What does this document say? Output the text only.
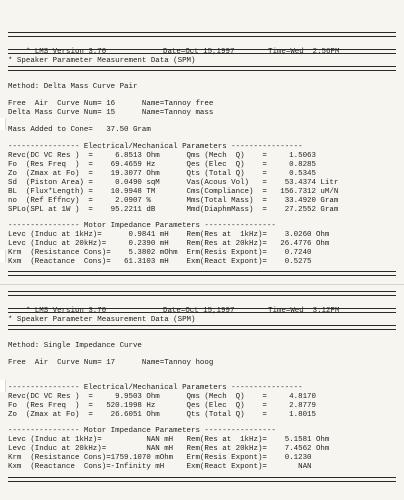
* LMS Version 3.70	Date=Oct 15,1997	Time=Wed  2:56PM

* Speaker Parameter Measurement Data (SPM)
Method: Delta Mass Curve Pair
Free  Air  Curve Num= 16      Name=Tannoy free
Delta Mass Curve Num= 15      Name=Tannoy mass
Mass Added to Cone=   37.50 Gram
---------------- Electrical/Mechanical Parameters ----------------
Revc(DC VC Res )  =     6.8513 Ohm      Qms (Mech  Q)    =     1.5063
Fo  (Res Freq  )  =    69.4659 Hz       Qes (Elec  Q)    =     0.8285
Zo  (Zmax at Fo)  =    19.3077 Ohm      Qts (Total Q)    =     0.5345
Sd  (Piston Area) =     0.0490 sqM      Vas(Acous Vol)   =    53.4374 Litr
BL  (Flux*Length) =    10.9948 TM       Cms(Compliance)  =   156.7312 uM/N
no  (Ref Effncy)  =     2.0907 %        Mms(Total Mass)  =    33.4920 Gram
SPLo(SPL at 1W )  =    95.2211 dB       Mmd(DiaphmMass)  =    27.2552 Gram
---------------- Motor Impedance Parameters ----------------
Levc (Induc at 1kHz)=      0.9841 mH    Rem(Res at  1kHz)=    3.0260 Ohm
Levc (Induc at 20kHz)=     0.2390 mH    Rem(Res at 20kHz)=   26.4776 Ohm
Krm  (Resistance Cons)=    5.3802 mOhm  Erm(Resis Expont)=    0.7240
Kxm  (Reactance  Cons)=   61.3103 mH    Exm(React Expont)=    0.5275

* LMS Version 3.70	Date=Oct 15,1997	Time=Wed  3:12PM

* Speaker Parameter Measurement Data (SPM)
Method: Single Impedance Curve
Free  Air  Curve Num= 17      Name=Tannoy hoog
---------------- Electrical/Mechanical Parameters ----------------
Revc(DC VC Res )  =     9.9503 Ohm      Qms (Mech  Q)    =     4.8170
Fo  (Res Freq  )  =   520.1998 Hz       Qes (Elec  Q)    =     2.8779
Zo  (Zmax at Fo)  =    26.6051 Ohm      Qts (Total Q)    =     1.8015
---------------- Motor Impedance Parameters ----------------
Levc (Induc at 1kHz)=          NAN mH   Rem(Res at  1kHz)=    5.1581 Ohm
Levc (Induc at 20kHz)=         NAN mH   Rem(Res at 20kHz)=    7.4562 Ohm
Krm  (Resistance Cons)=1759.1070 mOhm   Erm(Resis Expont)=    0.1230
Kxm  (Reactance  Cons)=-Infinity mH     Exm(React Expont)=       NAN
